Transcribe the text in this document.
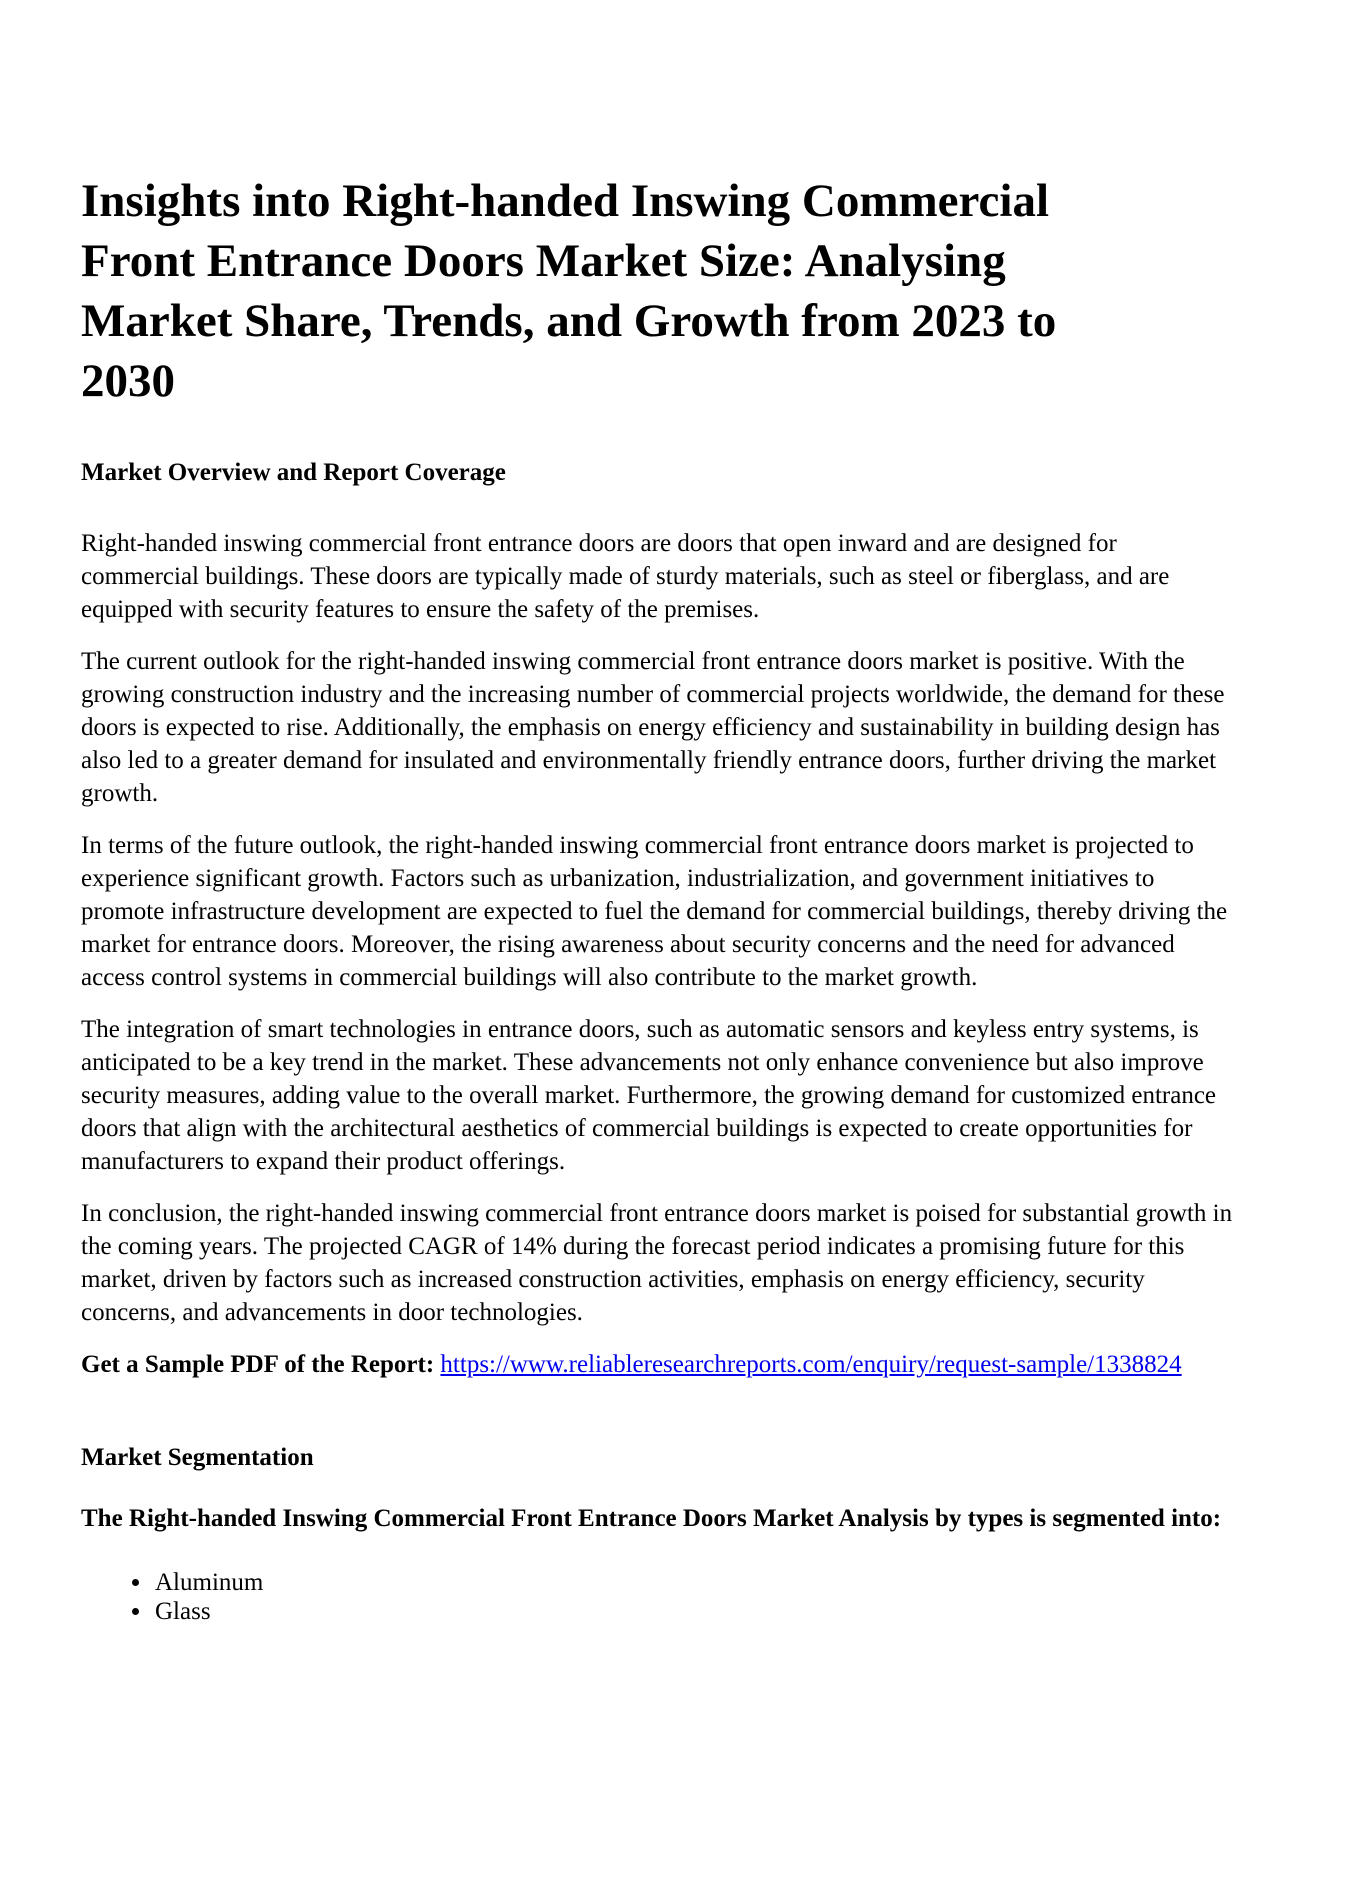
Insights into Right-handed Inswing Commercial Front Entrance Doors Market Size: Analysing Market Share, Trends, and Growth from 2023 to 2030
Market Overview and Report Coverage

Right-handed inswing commercial front entrance doors are doors that open inward and are designed for commercial buildings. These doors are typically made of sturdy materials, such as steel or fiberglass, and are equipped with security features to ensure the safety of the premises.

The current outlook for the right-handed inswing commercial front entrance doors market is positive. With the growing construction industry and the increasing number of commercial projects worldwide, the demand for these doors is expected to rise. Additionally, the emphasis on energy efficiency and sustainability in building design has also led to a greater demand for insulated and environmentally friendly entrance doors, further driving the market growth.

In terms of the future outlook, the right-handed inswing commercial front entrance doors market is projected to experience significant growth. Factors such as urbanization, industrialization, and government initiatives to promote infrastructure development are expected to fuel the demand for commercial buildings, thereby driving the market for entrance doors. Moreover, the rising awareness about security concerns and the need for advanced access control systems in commercial buildings will also contribute to the market growth.

The integration of smart technologies in entrance doors, such as automatic sensors and keyless entry systems, is anticipated to be a key trend in the market. These advancements not only enhance convenience but also improve security measures, adding value to the overall market. Furthermore, the growing demand for customized entrance doors that align with the architectural aesthetics of commercial buildings is expected to create opportunities for manufacturers to expand their product offerings.

In conclusion, the right-handed inswing commercial front entrance doors market is poised for substantial growth in the coming years. The projected CAGR of 14% during the forecast period indicates a promising future for this market, driven by factors such as increased construction activities, emphasis on energy efficiency, security concerns, and advancements in door technologies.

Get a Sample PDF of the Report: https://www.reliableresearchreports.com/enquiry/request-sample/1338824

Market Segmentation

The Right-handed Inswing Commercial Front Entrance Doors Market Analysis by types is segmented into:

• Aluminum
• Glass
